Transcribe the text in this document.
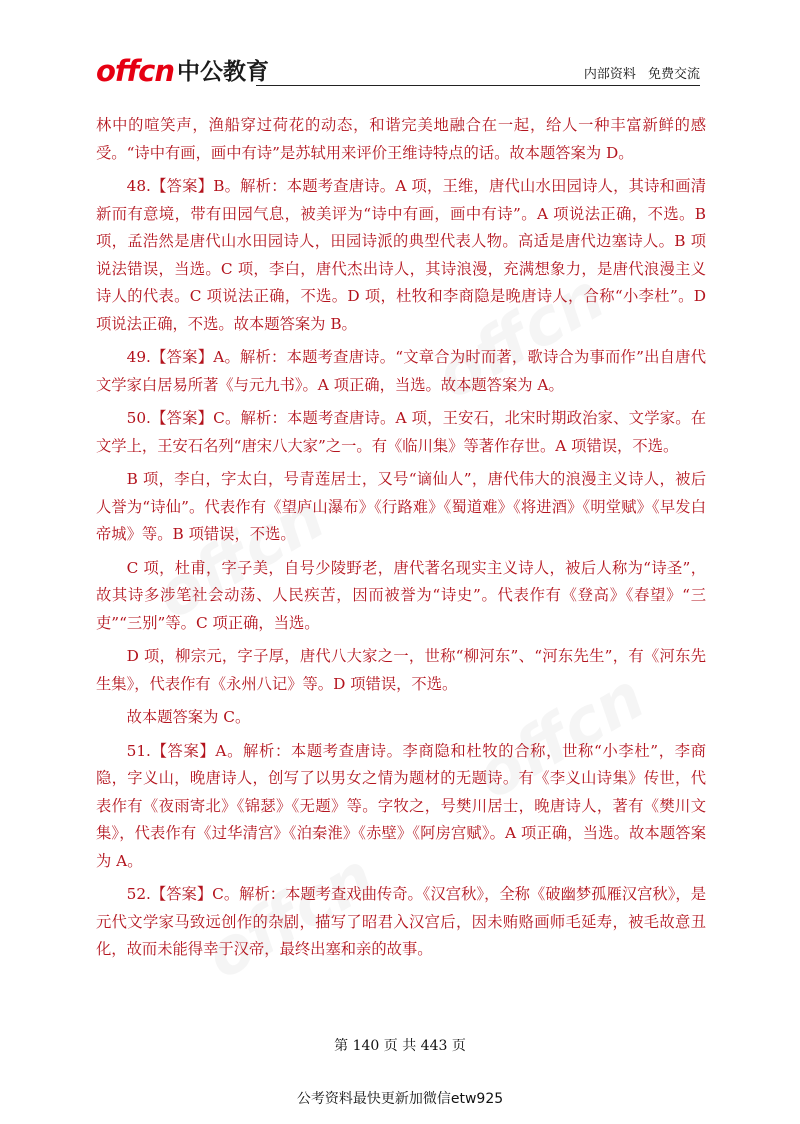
offcn 中公教育	内部资料 免费交流

林中的喧笑声，渔船穿过荷花的动态，和谐完美地融合在一起，给人一种丰富新鲜的感受。“诗中有画，画中有诗”是苏轼用来评价王维诗特点的话。故本题答案为 D。

48.【答案】B。解析：本题考查唐诗。A 项，王维，唐代山水田园诗人，其诗和画清新而有意境，带有田园气息，被美评为“诗中有画，画中有诗”。A 项说法正确，不选。B 项，孟浩然是唐代山水田园诗人，田园诗派的典型代表人物。高适是唐代边塞诗人。B 项说法错误，当选。C 项，李白，唐代杰出诗人，其诗浪漫，充满想象力，是唐代浪漫主义诗人的代表。C 项说法正确，不选。D 项，杜牧和李商隐是晚唐诗人，合称“小李杜”。D 项说法正确，不选。故本题答案为 B。

49.【答案】A。解析：本题考查唐诗。“文章合为时而著，歌诗合为事而作”出自唐代文学家白居易所著《与元九书》。A 项正确，当选。故本题答案为 A。

50.【答案】C。解析：本题考查唐诗。A 项，王安石，北宋时期政治家、文学家。在文学上，王安石名列“唐宋八大家”之一。有《临川集》等著作存世。A 项错误，不选。

B 项，李白，字太白，号青莲居士，又号“谪仙人”，唐代伟大的浪漫主义诗人，被后人誉为“诗仙”。代表作有《望庐山瀑布》《行路难》《蜀道难》《将进酒》《明堂赋》《早发白帝城》等。B 项错误，不选。

C 项，杜甫，字子美，自号少陵野老，唐代著名现实主义诗人，被后人称为“诗圣”，故其诗多涉笔社会动荡、人民疾苦，因而被誉为“诗史”。代表作有《登高》《春望》“三吏”“三别”等。C 项正确，当选。

D 项，柳宗元，字子厚，唐代八大家之一，世称“柳河东”、“河东先生”，有《河东先生集》，代表作有《永州八记》等。D 项错误，不选。

故本题答案为 C。

51.【答案】A。解析：本题考查唐诗。李商隐和杜牧的合称，世称“小李杜”，李商隐，字义山，晚唐诗人，创写了以男女之情为题材的无题诗。有《李义山诗集》传世，代表作有《夜雨寄北》《锦瑟》《无题》等。字牧之，号樊川居士，晚唐诗人，著有《樊川文集》，代表作有《过华清宫》《泊秦淮》《赤壁》《阿房宫赋》。A 项正确，当选。故本题答案为 A。

52.【答案】C。解析：本题考查戏曲传奇。《汉宫秋》，全称《破幽梦孤雁汉宫秋》，是元代文学家马致远创作的杂剧，描写了昭君入汉宫后，因未贿赂画师毛延寿，被毛故意丑化，故而未能得幸于汉帝，最终出塞和亲的故事。

第 140 页 共 443 页
公考资料最快更新加微信etw925
